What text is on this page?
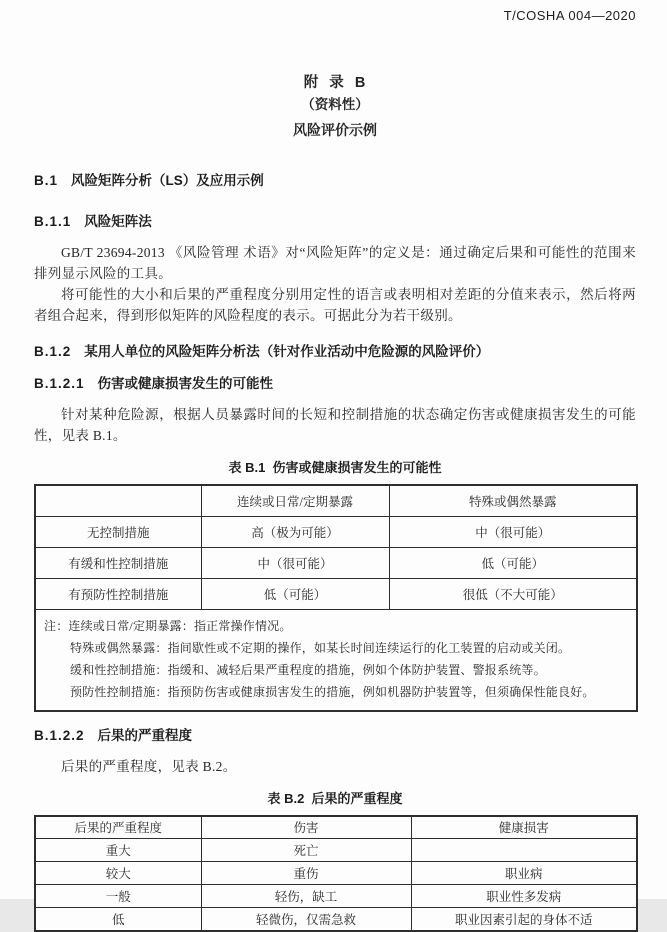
T/COSHA 004—2020
附  录  B
（资料性）
风险评价示例
B.1 风险矩阵分析（LS）及应用示例
B.1.1 风险矩阵法
GB/T 23694-2013 《风险管理 术语》对“风险矩阵”的定义是：通过确定后果和可能性的范围来排列显示风险的工具。
将可能性的大小和后果的严重程度分别用定性的语言或表明相对差距的分值来表示，然后将两者组合起来，得到形似矩阵的风险程度的表示。可据此分为若干级别。
B.1.2 某用人单位的风险矩阵分析法（针对作业活动中危险源的风险评价）
B.1.2.1 伤害或健康损害发生的可能性
针对某种危险源，根据人员暴露时间的长短和控制措施的状态确定伤害或健康损害发生的可能性，见表 B.1。
表 B.1  伤害或健康损害发生的可能性
	连续或日常/定期暴露	特殊或偶然暴露
无控制措施	高（极为可能）	中（很可能）
有缓和性控制措施	中（很可能）	低（可能）
有预防性控制措施	低（可能）	很低（不大可能）

注：连续或日常/定期暴露：指正常操作情况。
特殊或偶然暴露：指间歇性或不定期的操作，如某长时间连续运行的化工装置的启动或关闭。
缓和性控制措施：指缓和、减轻后果严重程度的措施，例如个体防护装置、警报系统等。
预防性控制措施：指预防伤害或健康损害发生的措施，例如机器防护装置等，但须确保性能良好。		
B.1.2.2 后果的严重程度
后果的严重程度，见表 B.2。
表 B.2  后果的严重程度
后果的严重程度	伤害	健康损害
重大	死亡	
较大	重伤	职业病
一般	轻伤，缺工	职业性多发病
低	轻微伤，仅需急救	职业因素引起的身体不适
